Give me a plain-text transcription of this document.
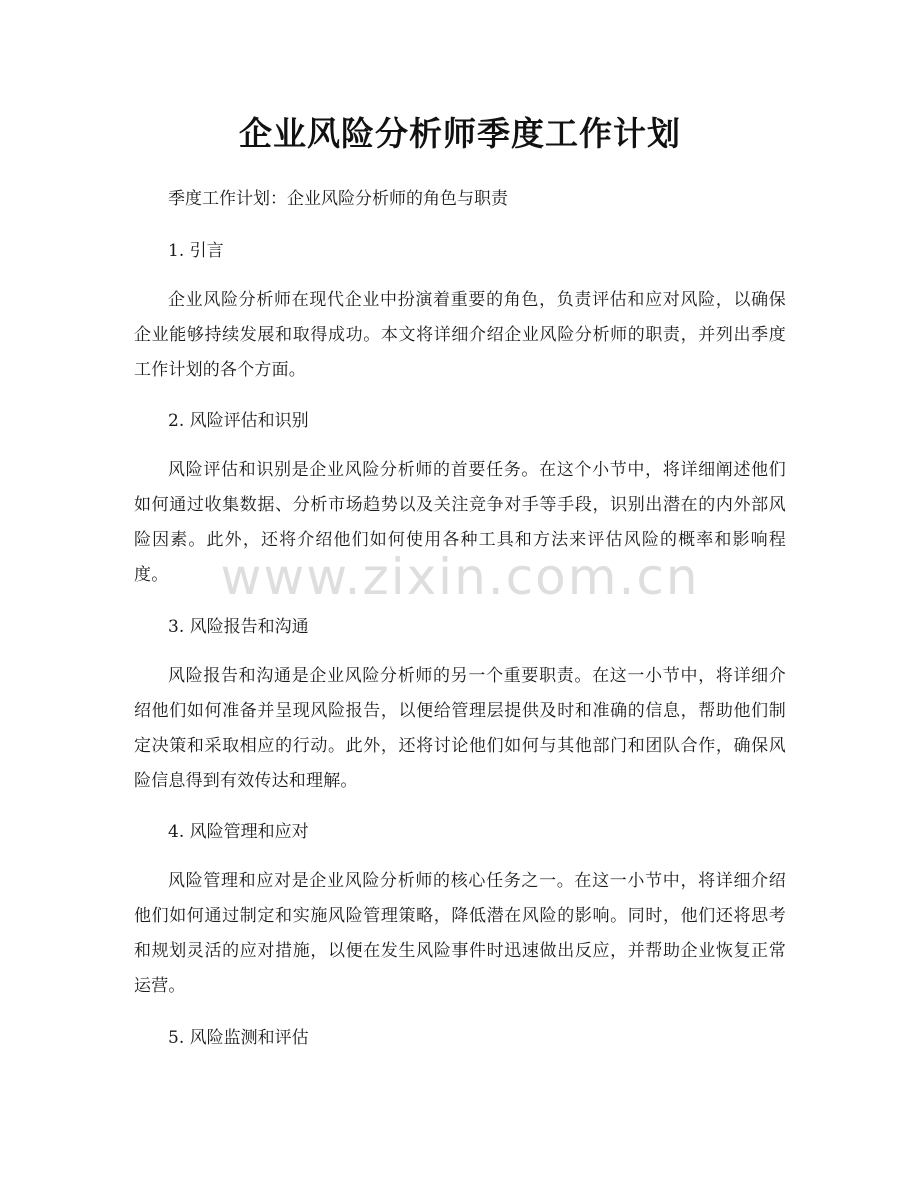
企业风险分析师季度工作计划
季度工作计划：企业风险分析师的角色与职责
1. 引言
企业风险分析师在现代企业中扮演着重要的角色，负责评估和应对风险，以确保企业能够持续发展和取得成功。本文将详细介绍企业风险分析师的职责，并列出季度工作计划的各个方面。
2. 风险评估和识别
风险评估和识别是企业风险分析师的首要任务。在这个小节中，将详细阐述他们如何通过收集数据、分析市场趋势以及关注竞争对手等手段，识别出潜在的内外部风险因素。此外，还将介绍他们如何使用各种工具和方法来评估风险的概率和影响程度。
3. 风险报告和沟通
风险报告和沟通是企业风险分析师的另一个重要职责。在这一小节中，将详细介绍他们如何准备并呈现风险报告，以便给管理层提供及时和准确的信息，帮助他们制定决策和采取相应的行动。此外，还将讨论他们如何与其他部门和团队合作，确保风险信息得到有效传达和理解。
4. 风险管理和应对
风险管理和应对是企业风险分析师的核心任务之一。在这一小节中，将详细介绍他们如何通过制定和实施风险管理策略，降低潜在风险的影响。同时，他们还将思考和规划灵活的应对措施，以便在发生风险事件时迅速做出反应，并帮助企业恢复正常运营。
5. 风险监测和评估
www.zixin.com.cn
